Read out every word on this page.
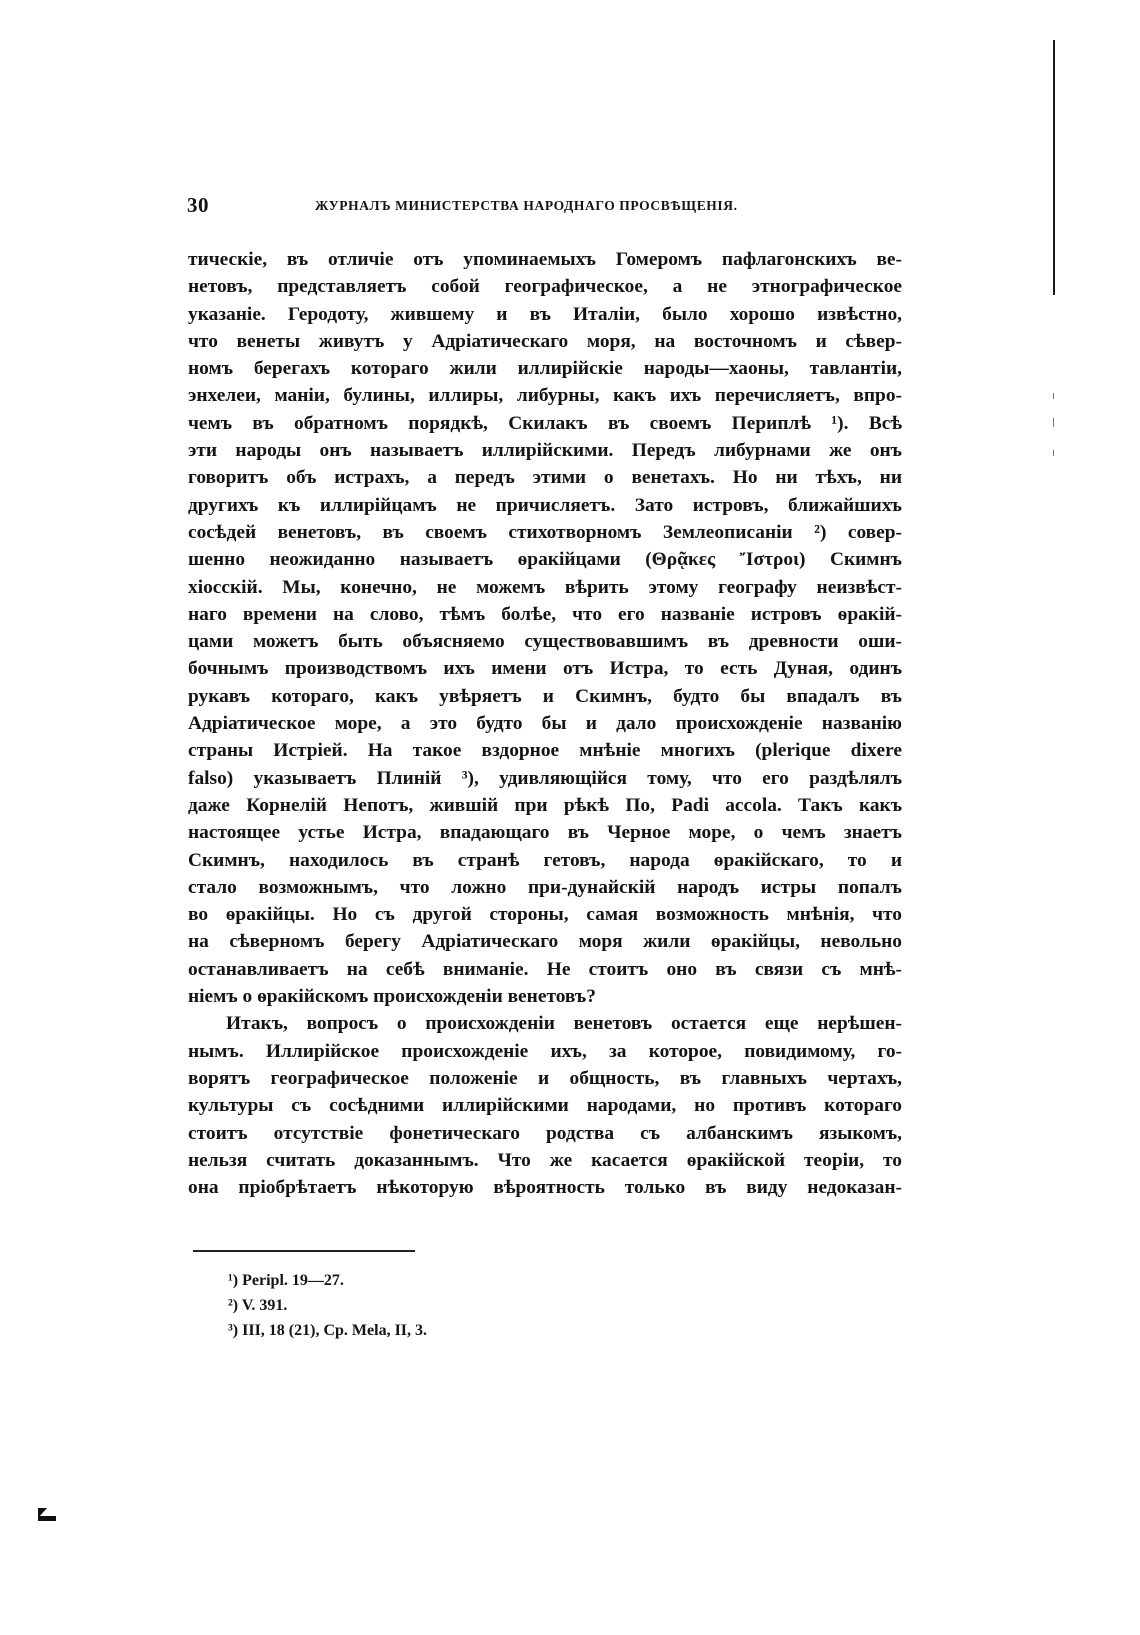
30	ЖУРНАЛЪ МИНИСТЕРСТВА НАРОДНАГО ПРОСВѢЩЕНІЯ.
тическіе, въ отличіе отъ упоминаемыхъ Гомеромъ пафлагонскихъ ве-
нетовъ, представляетъ собой географическое, а не этнографическое
указаніе. Геродоту, жившему и въ Италіи, было хорошо извѣстно,
что венеты живутъ у Адріатическаго моря, на восточномъ и сѣвер-
номъ берегахъ котораго жили иллирійскіе народы—хаоны, тавлантіи,
энхелеи, маніи, булины, иллиры, либурны, какъ ихъ перечисляетъ, впро-
чемъ въ обратномъ порядкѣ, Скилакъ въ своемъ Периплѣ ¹). Всѣ
эти народы онъ называетъ иллирійскими. Передъ либурнами же онъ
говоритъ объ истрахъ, а передъ этими о венетахъ. Но ни тѣхъ, ни
другихъ къ иллирійцамъ не причисляетъ. Зато истровъ, ближайшихъ
сосѣдей венетовъ, въ своемъ стихотворномъ Землеописаніи ²) совер-
шенно неожиданно называетъ ѳракійцами (Θρᾷκες Ἴστροι) Скимнъ
хіосскій. Мы, конечно, не можемъ вѣрить этому географу неизвѣст-
наго времени на слово, тѣмъ болѣе, что его названіе истровъ ѳракій-
цами можетъ быть объясняемо существовавшимъ въ древности оши-
бочнымъ производствомъ ихъ имени отъ Истра, то есть Дуная, одинъ
рукавъ котораго, какъ увѣряетъ и Скимнъ, будто бы впадалъ въ
Адріатическое море, а это будто бы и дало происхожденіе названію
страны Истріей. На такое вздорное мнѣніе многихъ (plerique dixere
falso) указываетъ Плиній ³), удивляющійся тому, что его раздѣлялъ
даже Корнелій Непотъ, жившій при рѣкѣ По, Padi accola. Такъ какъ
настоящее устье Истра, впадающаго въ Черное море, о чемъ знаетъ
Скимнъ, находилось въ странѣ гетовъ, народа ѳракійскаго, то и
стало возможнымъ, что ложно при-дунайскій народъ истры попалъ
во ѳракійцы. Но съ другой стороны, самая возможность мнѣнія, что
на сѣверномъ берегу Адріатическаго моря жили ѳракійцы, невольно
останавливаетъ на себѣ вниманіе. Не стоитъ оно въ связи съ мнѣ-
ніемъ о ѳракійскомъ происхожденіи венетовъ?
Итакъ, вопросъ о происхожденіи венетовъ остается еще нерѣшен-
нымъ. Иллирійское происхожденіе ихъ, за которое, повидимому, го-
ворятъ географическое положеніе и общность, въ главныхъ чертахъ,
культуры съ сосѣдними иллирійскими народами, но противъ котораго
стоитъ отсутствіе фонетическаго родства съ албанскимъ языкомъ,
нельзя считать доказаннымъ. Что же касается ѳракійской теоріи, то
она пріобрѣтаетъ нѣкоторую вѣроятность только въ виду недоказан-
¹) Peripl. 19—27.
²) V. 391.
³) III, 18 (21), Cp. Mela, II, 3.
